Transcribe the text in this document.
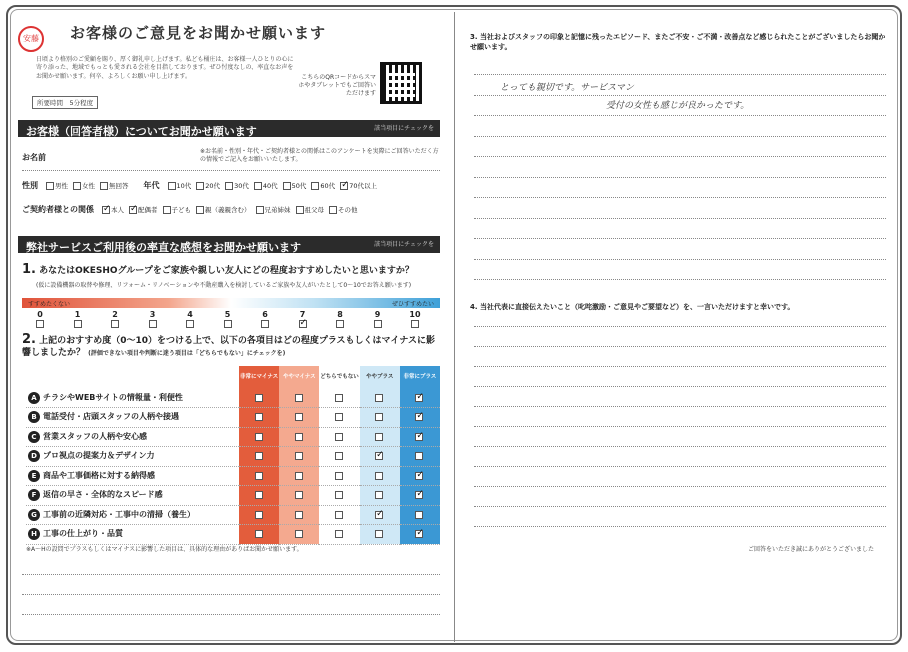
安藤	お客様のご意見をお聞かせ願います
日頃より格別のご愛顧を賜り、厚く御礼申し上げます。私ども桶庄は、お客様一人ひとりの心に寄り添った、地域でもっとも愛される会社を目指しております。ぜひ忖度なしの、率直なお声をお聞かせ願います。何卒、よろしくお願い申し上げます。
所要時間　5分程度
こちらのQRコードからスマホやタブレットでもご回答いただけます
お客様（回答者様）についてお聞かせ願います	該当項目にチェックを
お名前
※お名前・性別・年代・ご契約者様との関係はこのアンケートを実際にご回答いただく方の情報でご記入をお願いいたします。
性別	男性	女性	無回答 年代	10代	20代	30代	40代	50代	60代 ✓	70代以上
ご契約者様との関係 ✓	本人 ✓	配偶者	子ども	親（義親含む）	兄弟姉妹	祖父母	その他
弊社サービスご利用後の率直な感想をお聞かせ願います	該当項目にチェックを
1. あなたはOKESHOグループをご家族や親しい友人にどの程度おすすめしたいと思いますか？
(仮に設備機器の取替や修理、リフォーム・リノベーションや不動産購入を検討しているご家族や友人がいたとして0〜10でお答え願います)
すすめたくない	ぜひすすめたい
0	1	2	3	4	5	6	7
✓	8	9	10
2. 上記のおすすめ度（0〜10）をつける上で、以下の各項目はどの程度プラスもしくはマイナスに影響しましたか？ (評価できない項目や判断に迷う項目は「どちらでもない」にチェックを)
	非常にマイナス	ややマイナス	どちらでもない	ややプラス	非常にプラス
A チラシやWEBサイトの情報量・利便性					✓
B 電話受付・店頭スタッフの人柄や接遇					✓
C 営業スタッフの人柄や安心感					✓
D プロ視点の提案力＆デザイン力				✓	
E 商品や工事価格に対する納得感					✓
F 返信の早さ・全体的なスピード感					✓
G 工事前の近隣対応・工事中の清掃（養生）				✓	
H 工事の仕上がり・品質					✓
※A〜Hの設問でプラスもしくはマイナスに影響した項目は、具体的な理由がありばお聞かせ願います。
3. 当社およびスタッフの印象と記憶に残ったエピソード、またご不安・ご不満・改善点など感じられたことがございましたらお聞かせ願います。
とっても親切です。サービスマン
受付の女性も感じが良かったです。
4. 当社代表に直接伝えたいこと（叱咤激励・ご意見やご要望など）を、一言いただけますと幸いです。
ご回答をいただき誠にありがとうございました
